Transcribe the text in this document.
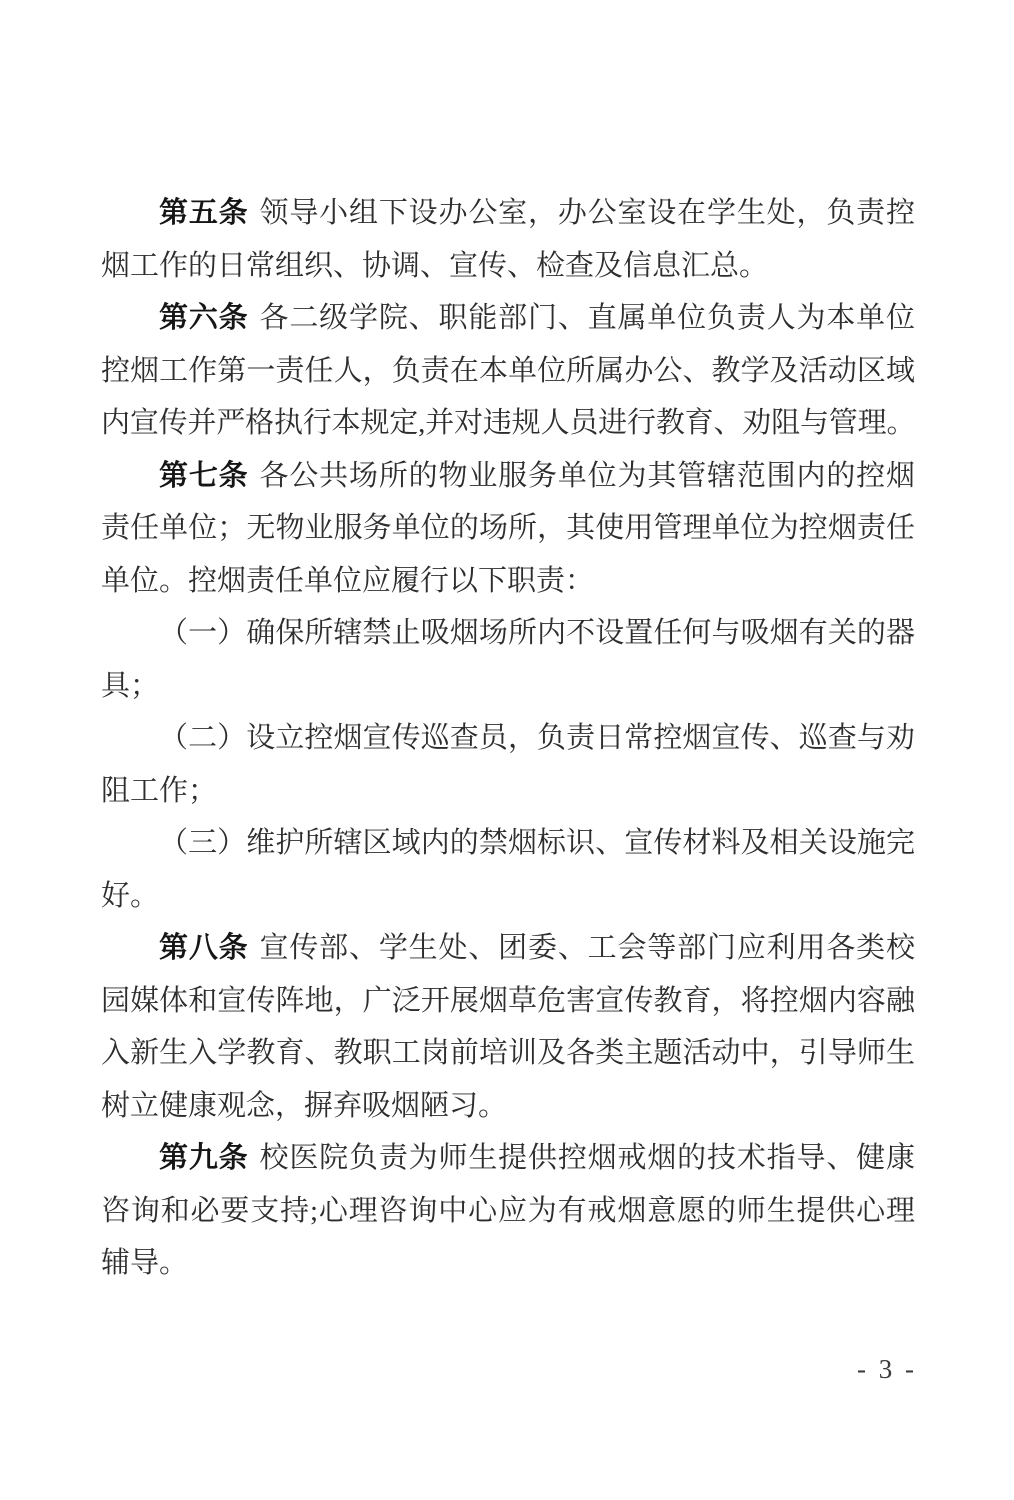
第五条 领导小组下设办公室，办公室设在学生处，负责控
烟工作的日常组织、协调、宣传、检查及信息汇总。
第六条 各二级学院、职能部门、直属单位负责人为本单位
控烟工作第一责任人，负责在本单位所属办公、教学及活动区域
内宣传并严格执行本规定,并对违规人员进行教育、劝阻与管理。
第七条 各公共场所的物业服务单位为其管辖范围内的控烟
责任单位；无物业服务单位的场所，其使用管理单位为控烟责任
单位。控烟责任单位应履行以下职责：
（一）确保所辖禁止吸烟场所内不设置任何与吸烟有关的器
具；
（二）设立控烟宣传巡查员，负责日常控烟宣传、巡查与劝
阻工作；
（三）维护所辖区域内的禁烟标识、宣传材料及相关设施完
好。
第八条 宣传部、学生处、团委、工会等部门应利用各类校
园媒体和宣传阵地，广泛开展烟草危害宣传教育，将控烟内容融
入新生入学教育、教职工岗前培训及各类主题活动中，引导师生
树立健康观念，摒弃吸烟陋习。
第九条 校医院负责为师生提供控烟戒烟的技术指导、健康
咨询和必要支持;心理咨询中心应为有戒烟意愿的师生提供心理
辅导。
- 3 -
